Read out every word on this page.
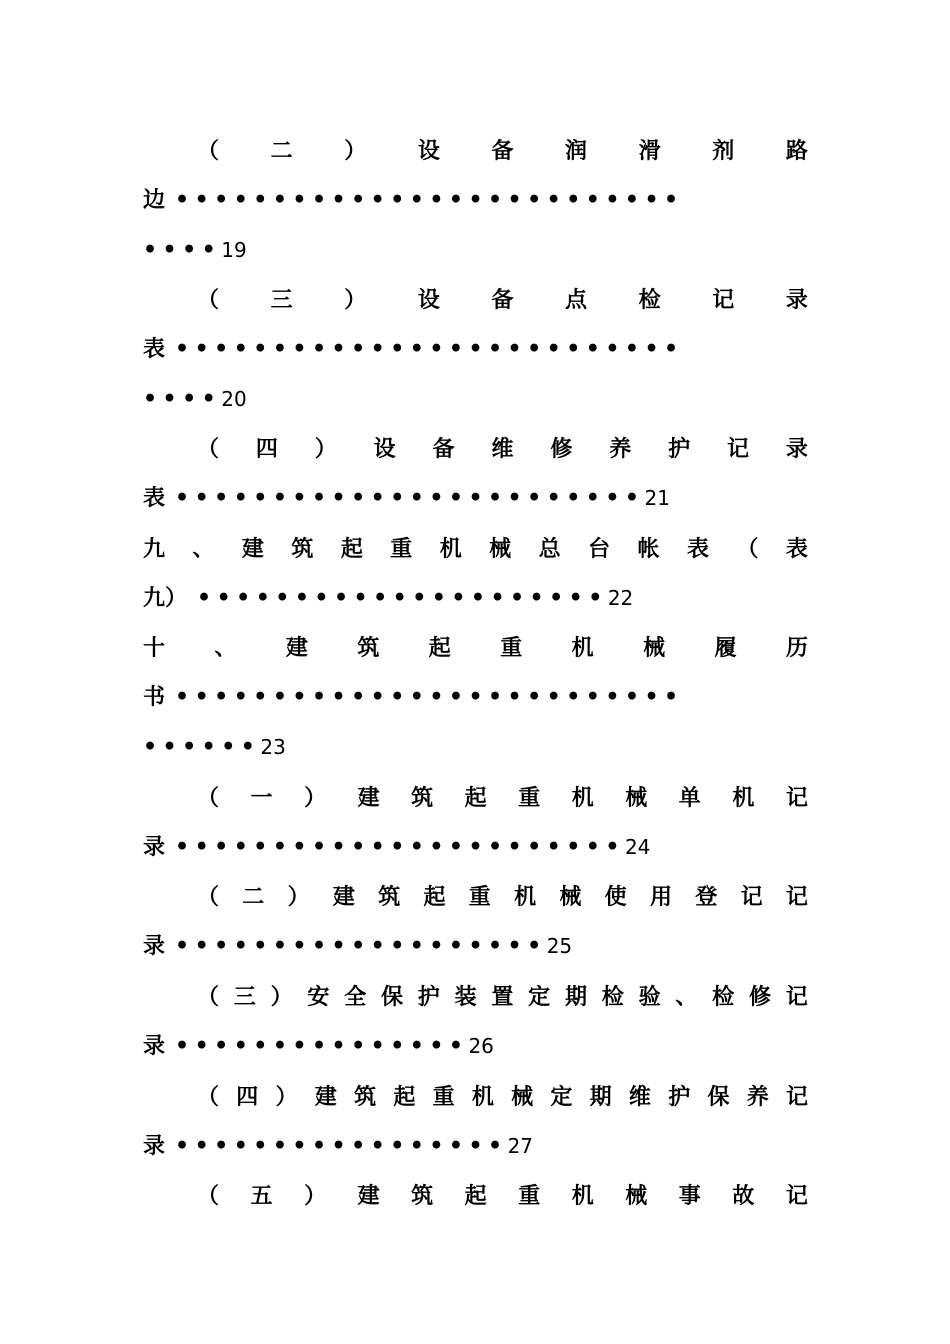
（ 二 ） 设 备 润 滑 剂 路
边 ••••••••••••••••••••••••••
•••• 19
（ 三 ） 设 备 点 检 记 录
表 ••••••••••••••••••••••••••
•••• 20
（ 四 ） 设 备 维 修 养 护 记 录
表 •••••••••••••••••••••••• 21
九 、 建 筑 起 重 机 械 总 台 帐 表 （ 表
九） ••••••••••••••••••••• 22
十 、 建 筑 起 重 机 械 履 历
书 ••••••••••••••••••••••••••
•••••• 23
（ 一 ） 建 筑 起 重 机 械 单 机 记
录 ••••••••••••••••••••••• 24
（ 二 ） 建 筑 起 重 机 械 使 用 登 记 记
录 ••••••••••••••••••• 25
（ 三 ） 安 全 保 护 装 置 定 期 检 验 、 检 修 记
录 ••••••••••••••• 26
（ 四 ） 建 筑 起 重 机 械 定 期 维 护 保 养 记
录 ••••••••••••••••• 27
（ 五 ） 建 筑 起 重 机 械 事 故 记
